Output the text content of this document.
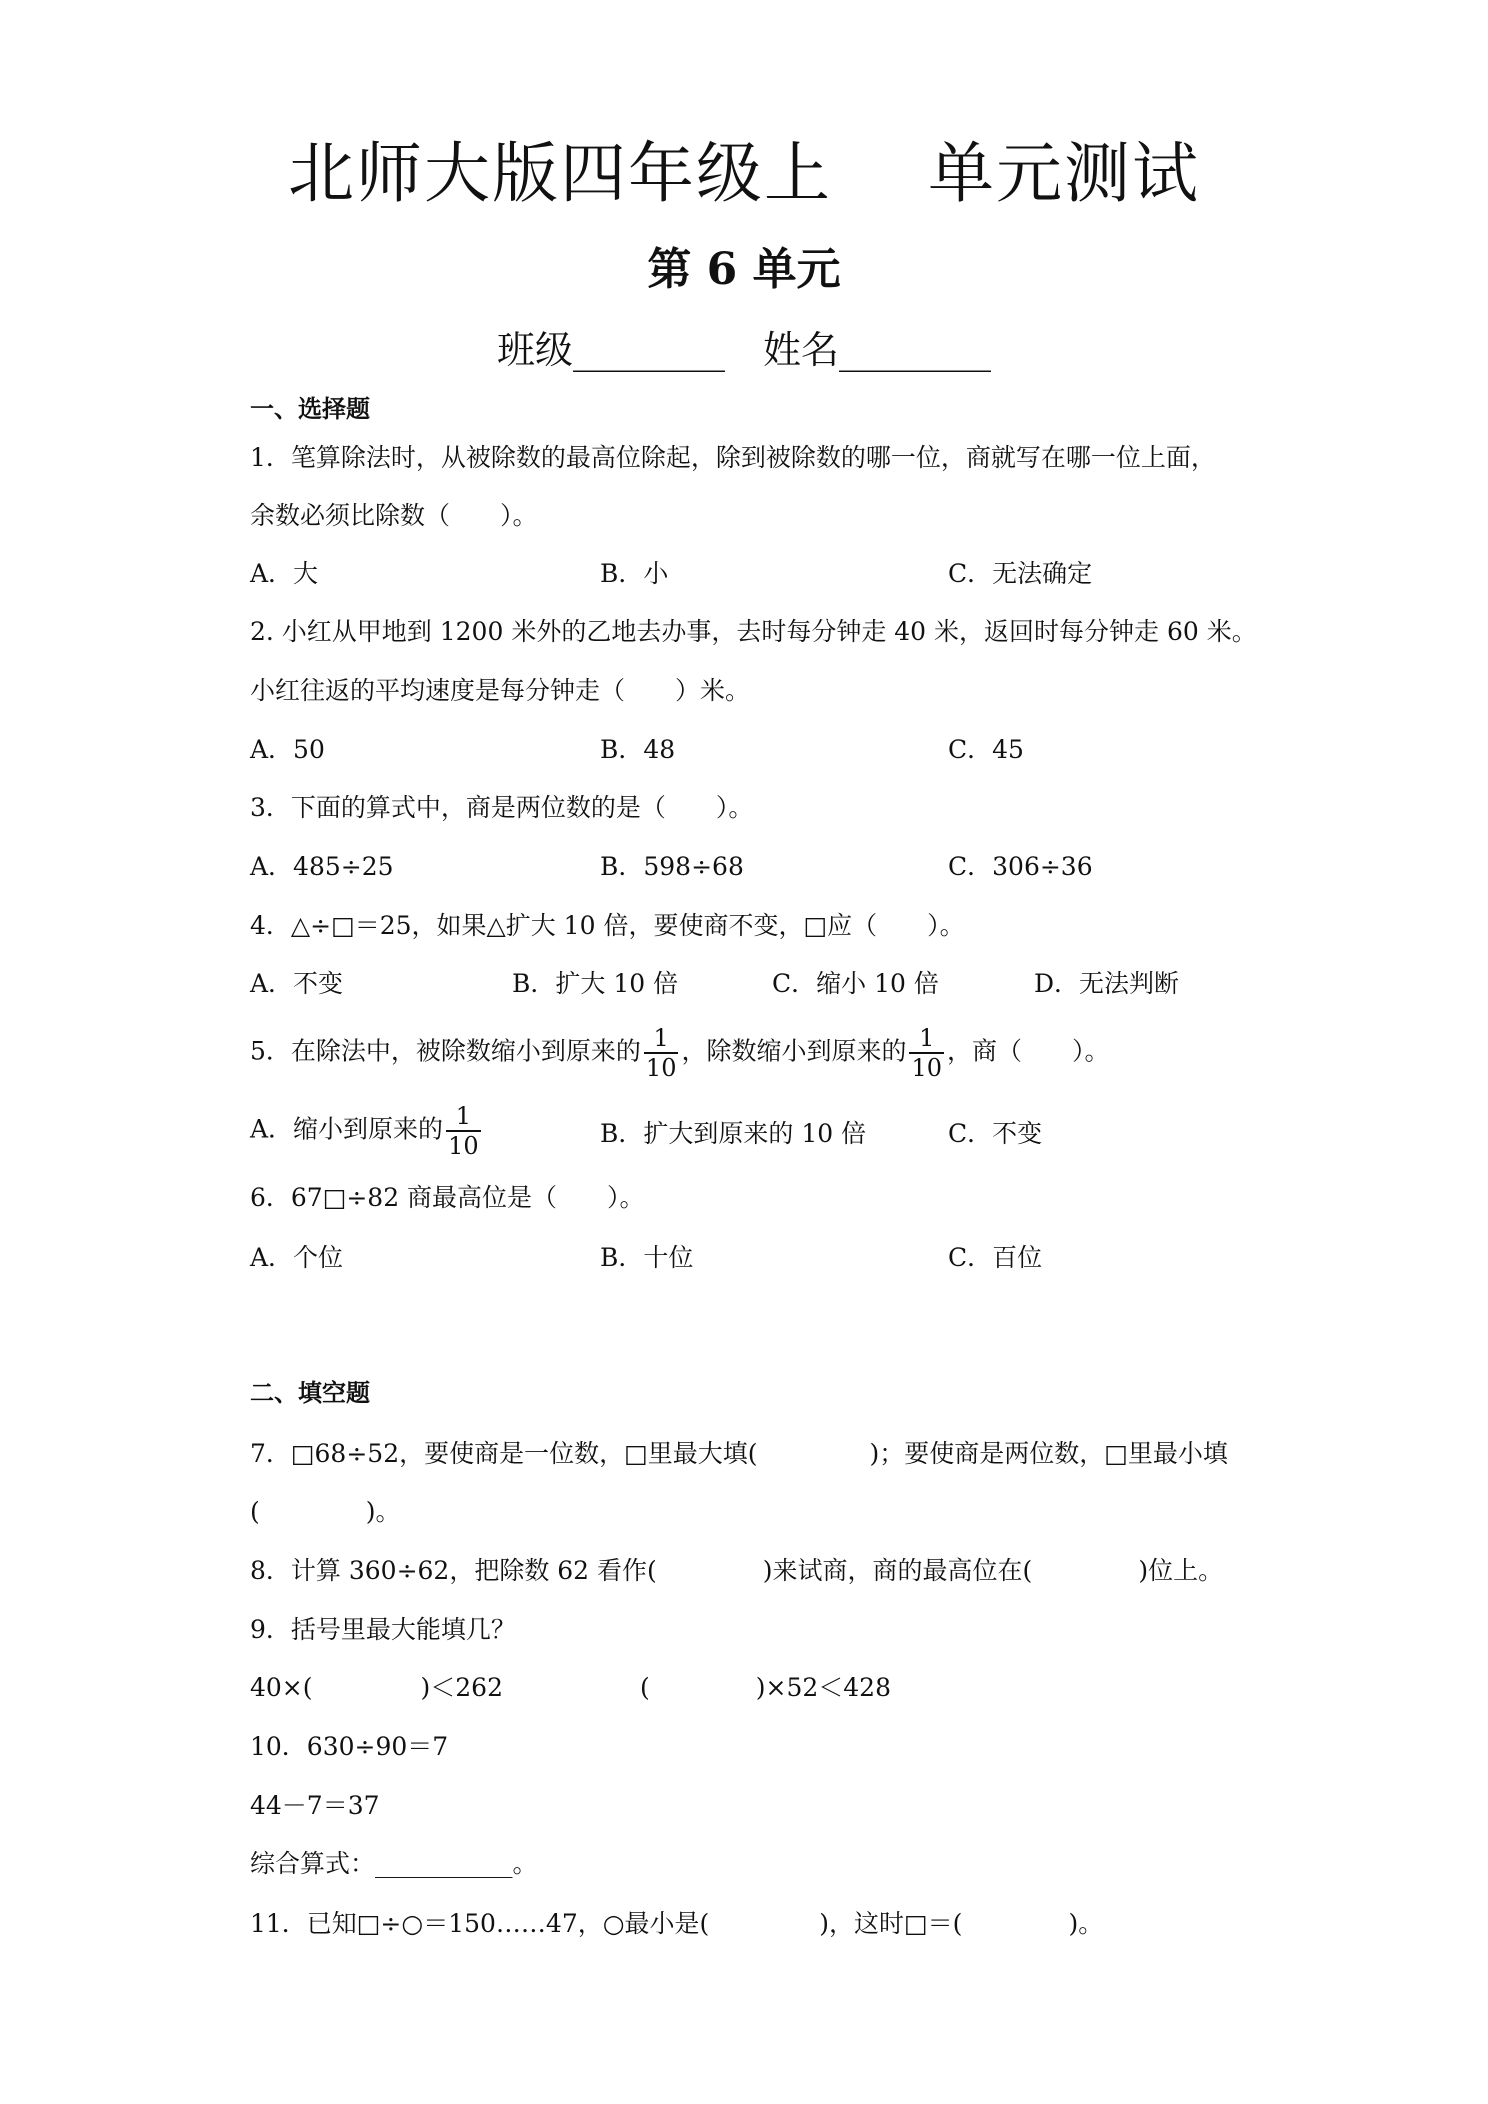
北师大版四年级上 单元测试
第 6 单元
班级________ 姓名________
一、选择题
1．笔算除法时，从被除数的最高位除起，除到被除数的哪一位，商就写在哪一位上面，
余数必须比除数（　　）。
A．大	B．小	C．无法确定
2. 小红从甲地到 1200 米外的乙地去办事，去时每分钟走 40 米，返回时每分钟走 60 米。
小红往返的平均速度是每分钟走（　　）米。
A．50	B．48	C．45
3．下面的算式中，商是两位数的是（　　）。
A．485÷25	B．598÷68	C．306÷36
4．△÷□＝25，如果△扩大 10 倍，要使商不变，□应（　　）。
A．不变	B．扩大 10 倍	C．缩小 10 倍	D．无法判断
5．在除法中，被除数缩小到原来的 $\frac{1}{10}$ ，除数缩小到原来的 $\frac{1}{10}$ ，商（　　）。
A．缩小到原来的 $\frac{1}{10}$	B．扩大到原来的 10 倍	C．不变
6．67□÷82 商最高位是（　　）。
A．个位	B．十位	C．百位
二、填空题
7．□68÷52，要使商是一位数，□里最大填(	)；要使商是两位数，□里最小填
(	)。
8．计算 360÷62，把除数 62 看作(	)来试商，商的最高位在(	)位上。
9．括号里最大能填几？
40×(	)＜262	(	)×52＜428
10．630÷90＝7
44－7＝37
综合算式：___________。
11．已知□÷○＝150……47，○最小是(	)，这时□＝(	)。
